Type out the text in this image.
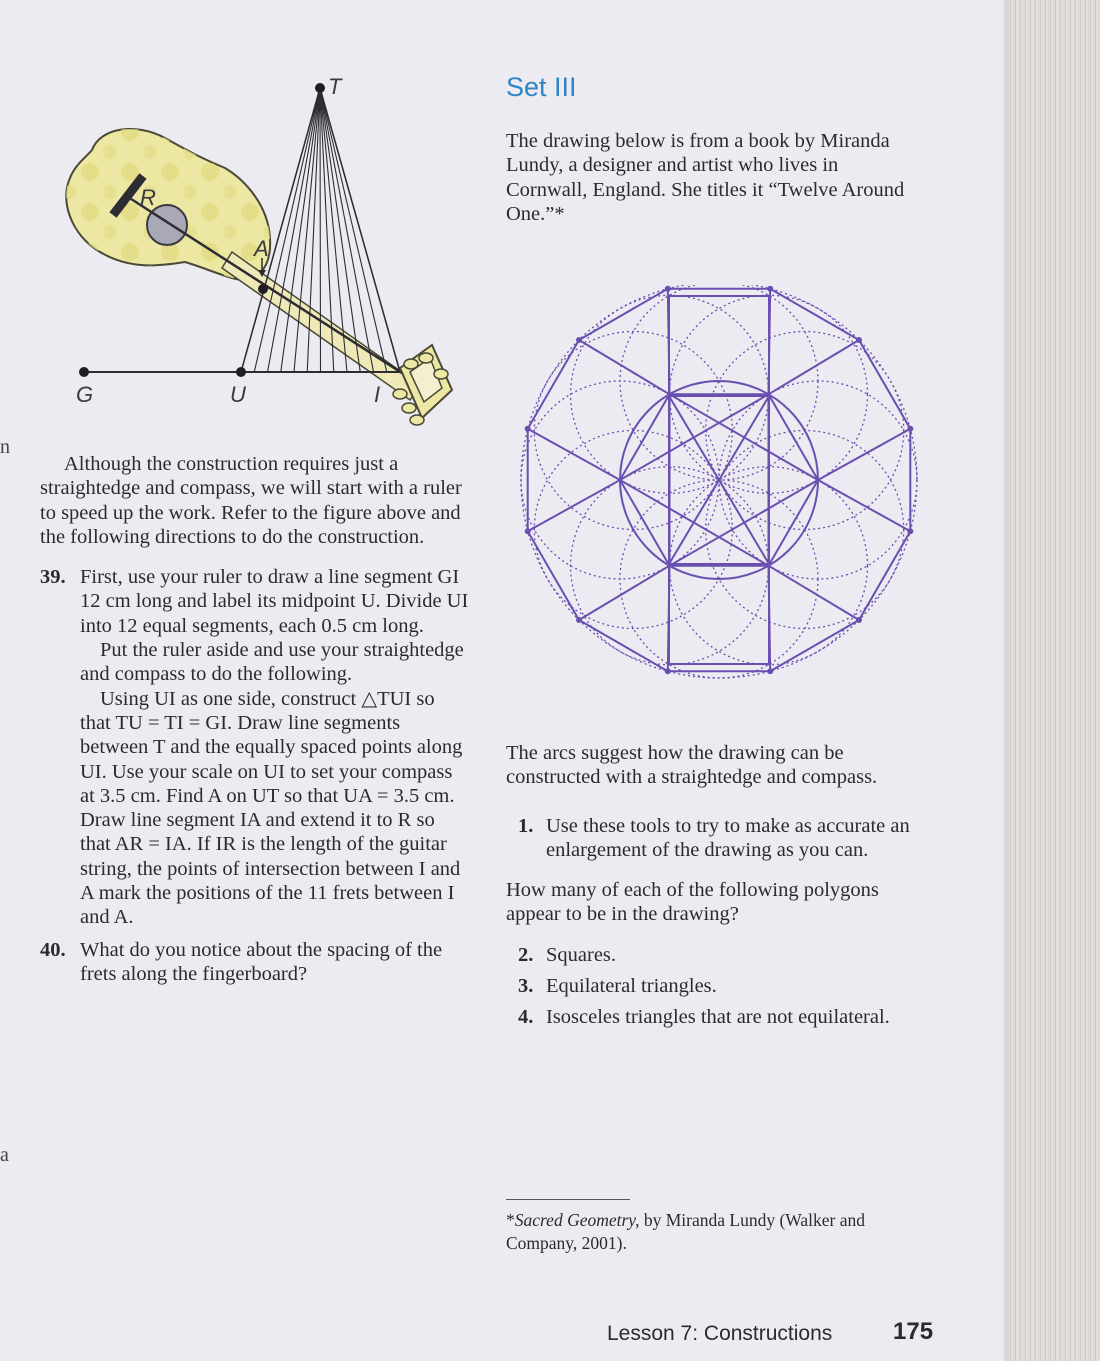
n
a
T
R
A
G	U	I

Although the construction requires just a straightedge and compass, we will start with a ruler to speed up the work. Refer to the figure above and the following directions to do the construction.

39. First, use your ruler to draw a line segment GI 12 cm long and label its midpoint U. Divide UI into 12 equal segments, each 0.5 cm long.

Put the ruler aside and use your straightedge and compass to do the following.

Using UI as one side, construct △TUI so that TU = TI = GI. Draw line segments between T and the equally spaced points along UI. Use your scale on UI to set your compass at 3.5 cm. Find A on UT so that UA = 3.5 cm. Draw line segment IA and extend it to R so that AR = IA. If IR is the length of the guitar string, the points of intersection between I and A mark the positions of the 11 frets between I and A.

40. What do you notice about the spacing of the frets along the fingerboard?

Set III

The drawing below is from a book by Miranda Lundy, a designer and artist who lives in Cornwall, England. She titles it “Twelve Around One.”*

The arcs suggest how the drawing can be constructed with a straightedge and compass.

1. Use these tools to try to make as accurate an enlargement of the drawing as you can.

How many of each of the following polygons appear to be in the drawing?

2. Squares.

3. Equilateral triangles.

4. Isosceles triangles that are not equilateral.

*Sacred Geometry, by Miranda Lundy (Walker and Company, 2001).
Lesson 7: Constructions	175
